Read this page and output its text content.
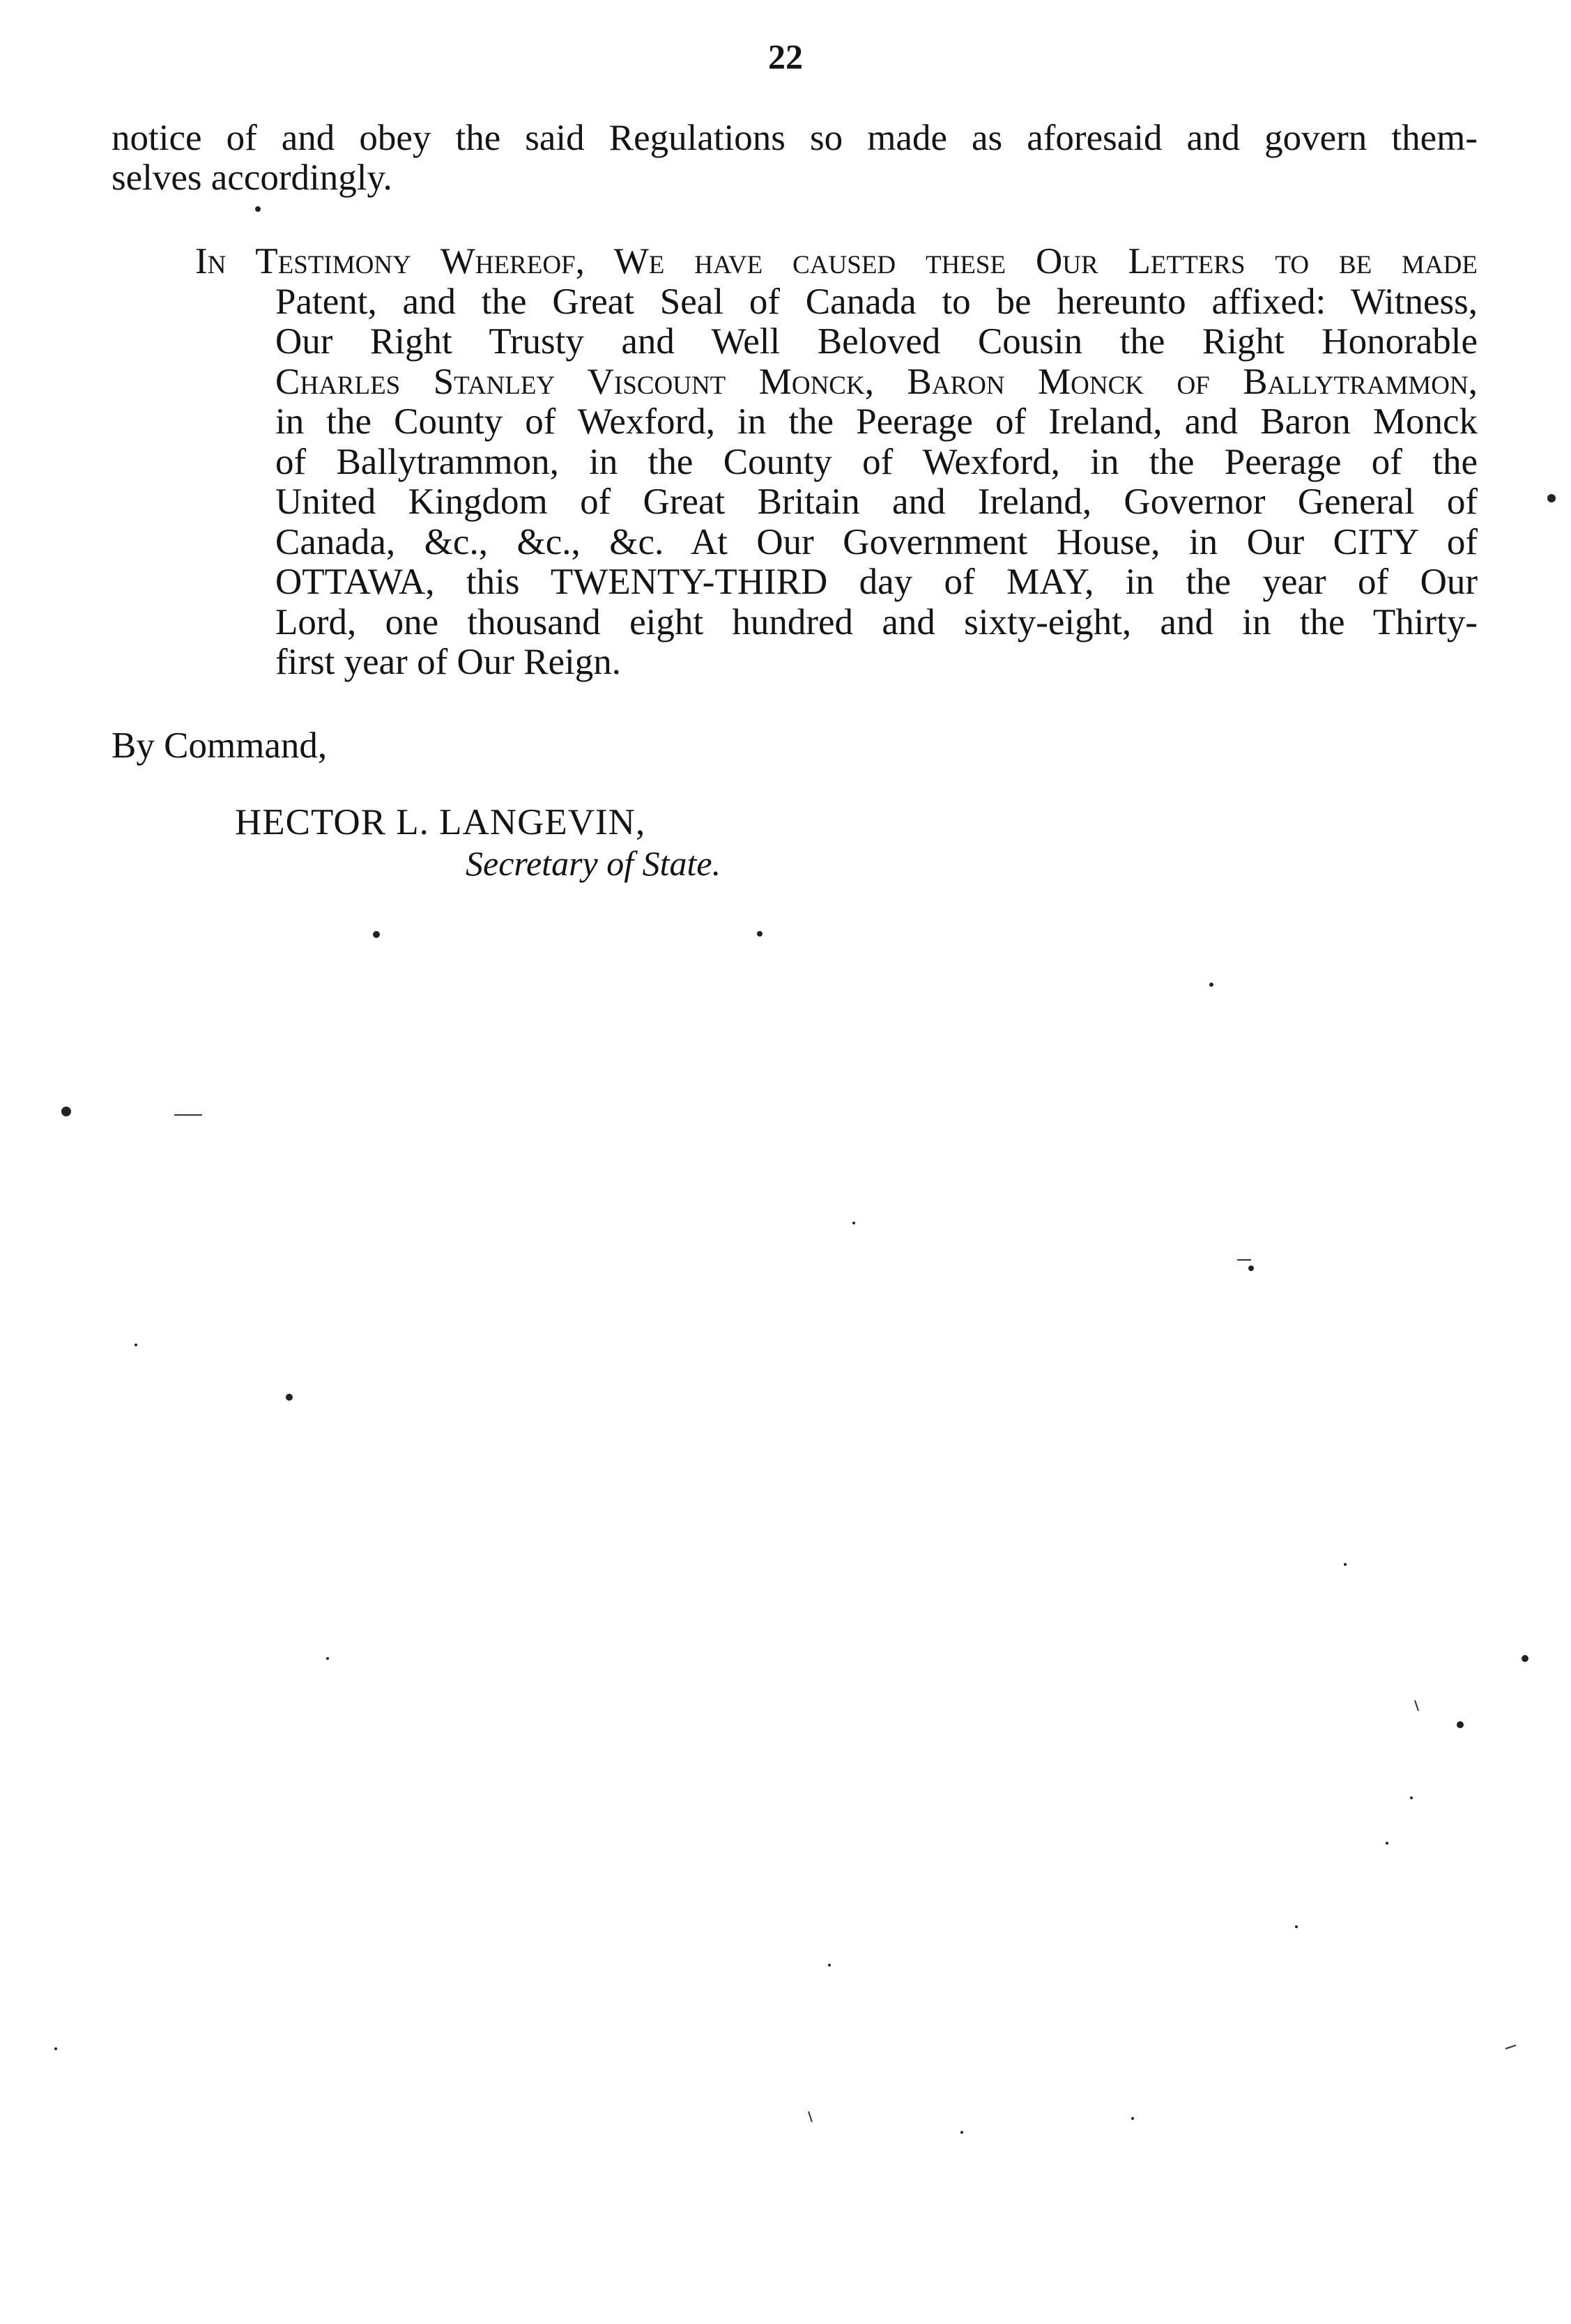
22
notice of and obey the said Regulations so made as aforesaid and govern them-
selves accordingly.
In Testimony Whereof, We have caused these Our Letters to be made
Patent, and the Great Seal of Canada to be hereunto affixed: Witness,
Our Right Trusty and Well Beloved Cousin the Right Honorable
Charles Stanley Viscount Monck, Baron Monck of Ballytrammon,
in the County of Wexford, in the Peerage of Ireland, and Baron Monck
of Ballytrammon, in the County of Wexford, in the Peerage of the
United Kingdom of Great Britain and Ireland, Governor General of
Canada, &c., &c., &c. At Our Government House, in Our CITY of
OTTAWA, this TWENTY-THIRD day of MAY, in the year of Our
Lord, one thousand eight hundred and sixty-eight, and in the Thirty-
first year of Our Reign.
By Command,
HECTOR L. LANGEVIN,
Secretary of State.
